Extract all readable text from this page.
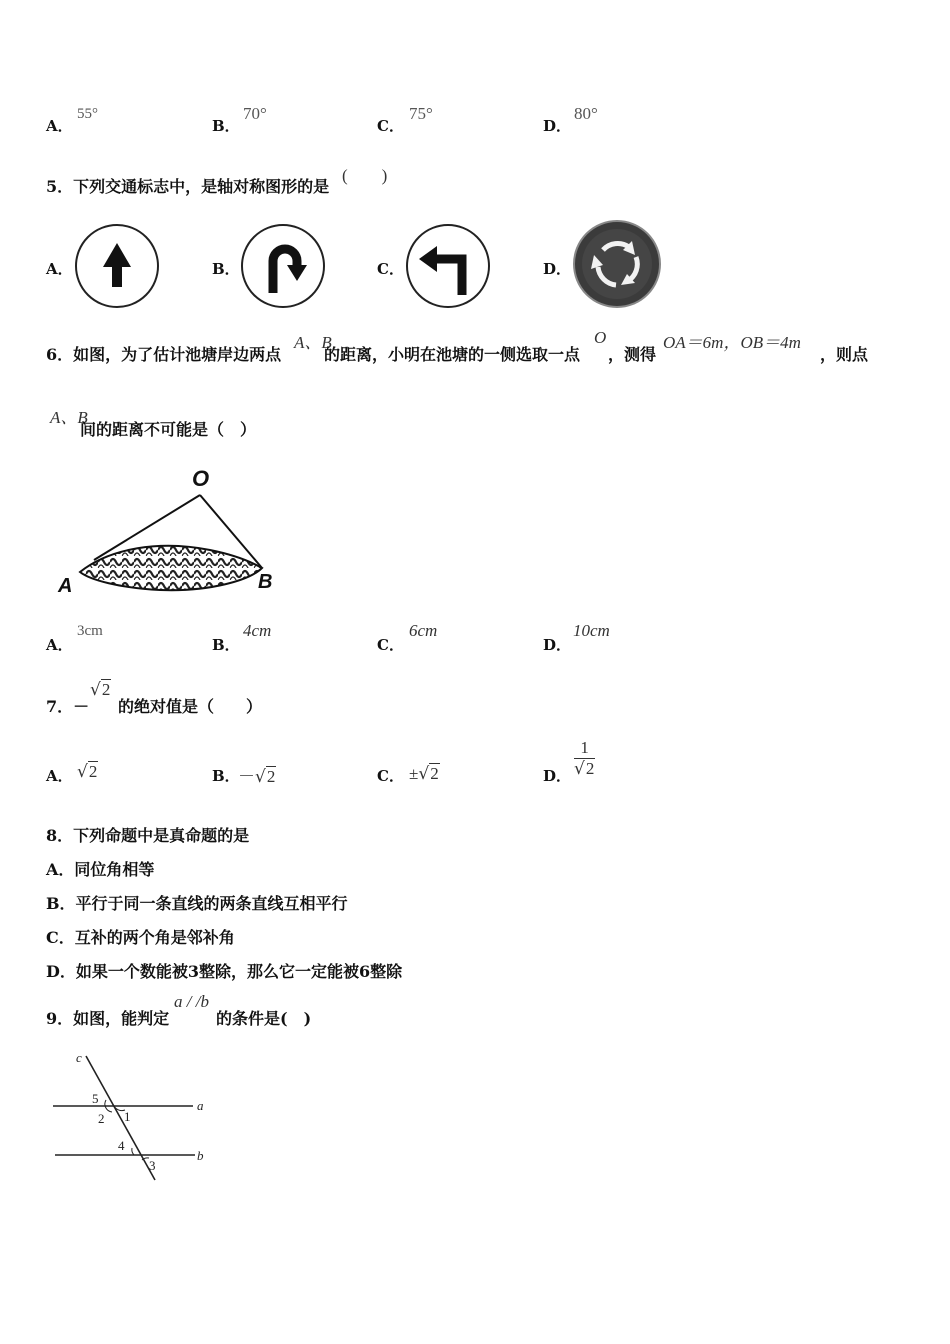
A．
55°
B．
70°
C．
75°
D．
80°
5．下列交通标志中，是轴对称图形的是
(　　)
A．	B．	C．	D．
6．如图，为了估计池塘岸边两点
A、B
的距离，小明在池塘的一侧选取一点
O
，测得
OA＝6m，OB＝4m
，则点
A、B
间的距离不可能是（　）
O
A	B
A．
3cm
B．
4cm
C．
6cm
D．
10cm
7．－
√2
的绝对值是（　　）
A． √2	B．
－√2	C． ±√2	D． $\frac{1}{√2}$
8．下列命题中是真命题的是
A．同位角相等
B．平行于同一条直线的两条直线互相平行
C．互补的两个角是邻补角
D．如果一个数能被3整除，那么它一定能被6整除
9．如图，能判定
a / /b
的条件是(　)
c
a
b
5
2 1
4
3
